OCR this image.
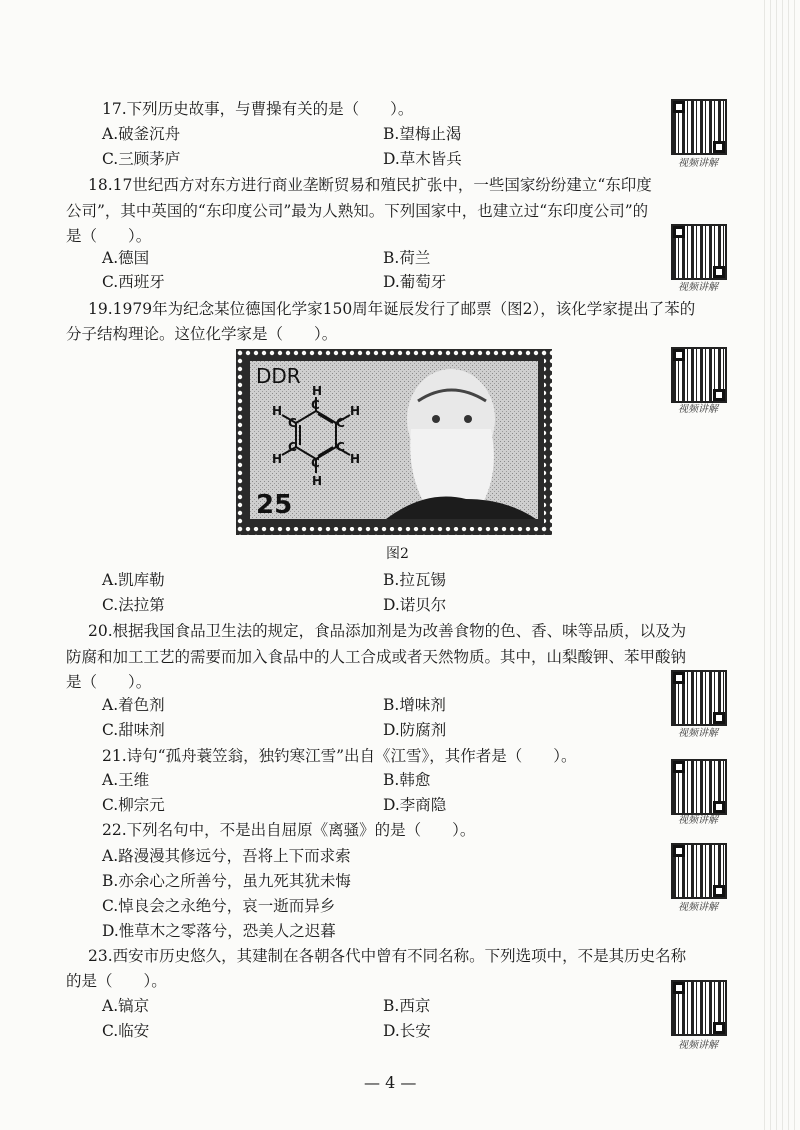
17.下列历史故事，与曹操有关的是（　　）。
A.破釜沉舟	B.望梅止渴
C.三顾茅庐	D.草木皆兵	视频讲解
18.17世纪西方对东方进行商业垄断贸易和殖民扩张中，一些国家纷纷建立“东印度
公司”，其中英国的“东印度公司”最为人熟知。下列国家中，也建立过“东印度公司”的
是（　　）。
A.德国	B.荷兰
C.西班牙	D.葡萄牙	视频讲解
19.1979年为纪念某位德国化学家150周年诞辰发行了邮票（图2），该化学家提出了苯的
分子结构理论。这位化学家是（　　）。
H
H
H
H
H
H
C
C
C
C
C
C
DDR
25
图2
视频讲解
A.凯库勒	B.拉瓦锡
C.法拉第	D.诺贝尔
20.根据我国食品卫生法的规定，食品添加剂是为改善食物的色、香、味等品质，以及为
防腐和加工工艺的需要而加入食品中的人工合成或者天然物质。其中，山梨酸钾、苯甲酸钠
是（　　）。
A.着色剂	B.增味剂
C.甜味剂	D.防腐剂	视频讲解
21.诗句“孤舟蓑笠翁，独钓寒江雪”出自《江雪》，其作者是（　　）。
A.王维	B.韩愈
C.柳宗元	D.李商隐
视频讲解
22.下列名句中，不是出自屈原《离骚》的是（　　）。
A.路漫漫其修远兮，吾将上下而求索
B.亦余心之所善兮，虽九死其犹未悔
C.悼良会之永绝兮，哀一逝而异乡
D.惟草木之零落兮，恐美人之迟暮
视频讲解
23.西安市历史悠久，其建制在各朝各代中曾有不同名称。下列选项中，不是其历史名称
的是（　　）。
A.镐京	B.西京
C.临安	D.长安
视频讲解
— 4 —
